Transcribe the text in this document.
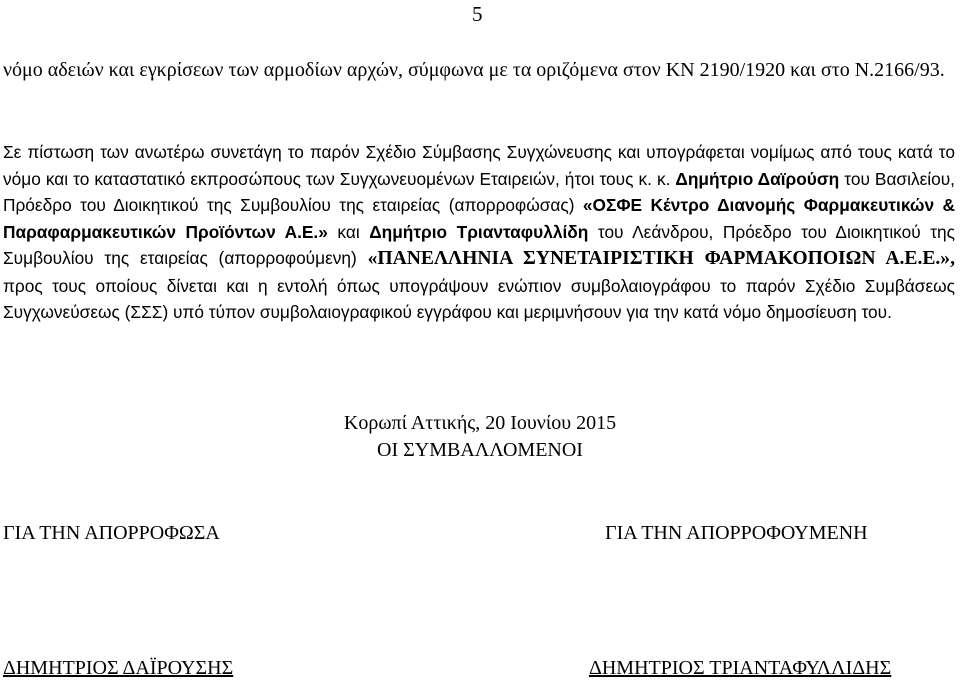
5
νόμο αδειών και εγκρίσεων των αρμοδίων αρχών, σύμφωνα με τα οριζόμενα στον ΚΝ 2190/1920 και στο Ν.2166/93.
Σε πίστωση των ανωτέρω συνετάγη το παρόν Σχέδιο Σύμβασης Συγχώνευσης και υπογράφεται νομίμως από τους κατά το νόμο και το καταστατικό εκπροσώπους των Συγχωνευομένων Εταιρειών, ήτοι τους κ. κ. Δημήτριο Δαϊρούση του Βασιλείου, Πρόεδρο του Διοικητικού της Συμβουλίου της εταιρείας (απορροφώσας) «ΟΣΦΕ Κέντρο Διανομής Φαρμακευτικών & Παραφαρμακευτικών Προϊόντων Α.Ε.» και Δημήτριο Τριανταφυλλίδη του Λεάνδρου, Πρόεδρο του Διοικητικού της Συμβουλίου της εταιρείας (απορροφούμενη) «ΠΑΝΕΛΛΗΝΙΑ ΣΥΝΕΤΑΙΡΙΣΤΙΚΗ ΦΑΡΜΑΚΟΠΟΙΩΝ Α.Ε.Ε.», προς τους οποίους δίνεται και η εντολή όπως υπογράψουν ενώπιον συμβολαιογράφου το παρόν Σχέδιο Συμβάσεως Συγχωνεύσεως (ΣΣΣ) υπό τύπον συμβολαιογραφικού εγγράφου και μεριμνήσουν για την κατά νόμο δημοσίευση του.
Κορωπί Αττικής, 20 Ιουνίου 2015
ΟΙ ΣΥΜΒΑΛΛΟΜΕΝΟΙ
ΓΙΑ ΤΗΝ ΑΠΟΡΡΟΦΩΣΑ	ΓΙΑ ΤΗΝ ΑΠΟΡΡΟΦΟΥΜΕΝΗ
ΔΗΜΗΤΡΙΟΣ ΔΑΪΡΟΥΣΗΣ	ΔΗΜΗΤΡΙΟΣ ΤΡΙΑΝΤΑΦΥΛΛΙΔΗΣ
